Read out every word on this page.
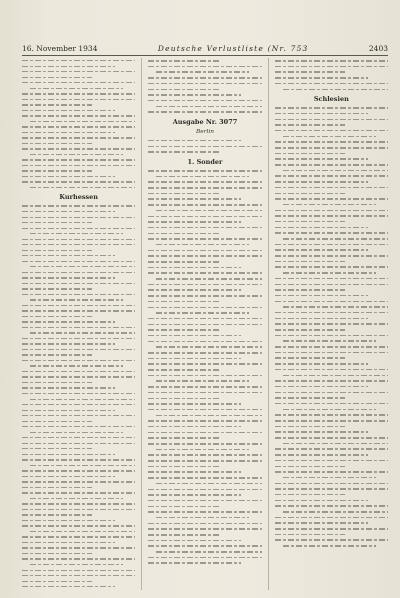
16. November 1934	Deutsche Verlustliste (Nr. 753	2403
Kurhessen
Ausgabe Nr. 3077
Berlin
1. Sonder
Schlesien
